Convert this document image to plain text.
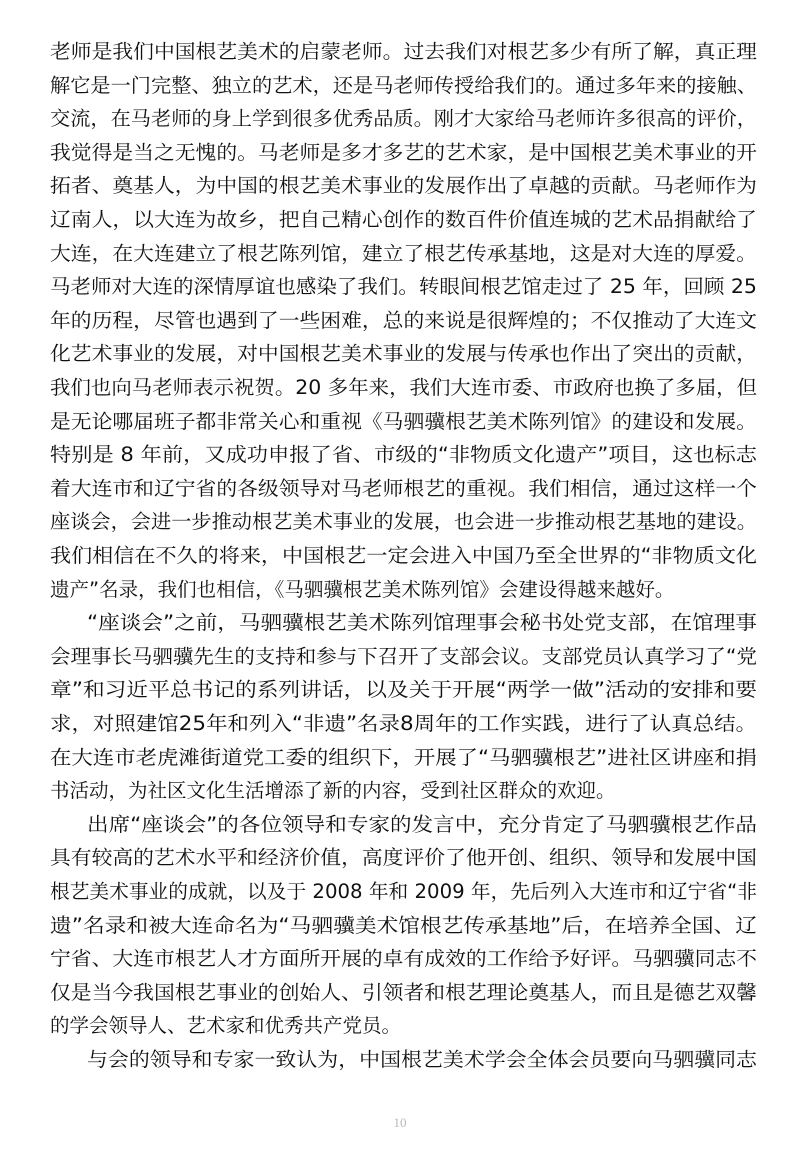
老师是我们中国根艺美术的启蒙老师。过去我们对根艺多少有所了解，真正理
解它是一门完整、独立的艺术，还是马老师传授给我们的。通过多年来的接触、
交流，在马老师的身上学到很多优秀品质。刚才大家给马老师许多很高的评价，
我觉得是当之无愧的。马老师是多才多艺的艺术家，是中国根艺美术事业的开
拓者、奠基人，为中国的根艺美术事业的发展作出了卓越的贡献。马老师作为
辽南人，以大连为故乡，把自己精心创作的数百件价值连城的艺术品捐献给了
大连，在大连建立了根艺陈列馆，建立了根艺传承基地，这是对大连的厚爱。
马老师对大连的深情厚谊也感染了我们。转眼间根艺馆走过了 25 年，回顾 25
年的历程，尽管也遇到了一些困难，总的来说是很辉煌的；不仅推动了大连文
化艺术事业的发展，对中国根艺美术事业的发展与传承也作出了突出的贡献，
我们也向马老师表示祝贺。20 多年来，我们大连市委、市政府也换了多届，但
是无论哪届班子都非常关心和重视《马驷骥根艺美术陈列馆》的建设和发展。
特别是 8 年前，又成功申报了省、市级的“非物质文化遗产”项目，这也标志
着大连市和辽宁省的各级领导对马老师根艺的重视。我们相信，通过这样一个
座谈会，会进一步推动根艺美术事业的发展，也会进一步推动根艺基地的建设。
我们相信在不久的将来，中国根艺一定会进入中国乃至全世界的“非物质文化
遗产”名录，我们也相信，《马驷骥根艺美术陈列馆》会建设得越来越好。
“座谈会”之前，马驷骥根艺美术陈列馆理事会秘书处党支部，在馆理事
会理事长马驷骥先生的支持和参与下召开了支部会议。支部党员认真学习了“党
章”和习近平总书记的系列讲话，以及关于开展“两学一做”活动的安排和要
求，对照建馆25年和列入“非遗”名录8周年的工作实践，进行了认真总结。
在大连市老虎滩街道党工委的组织下，开展了“马驷骥根艺”进社区讲座和捐
书活动，为社区文化生活增添了新的内容，受到社区群众的欢迎。
出席“座谈会”的各位领导和专家的发言中，充分肯定了马驷骥根艺作品
具有较高的艺术水平和经济价值，高度评价了他开创、组织、领导和发展中国
根艺美术事业的成就，以及于 2008 年和 2009 年，先后列入大连市和辽宁省“非
遗”名录和被大连命名为“马驷骥美术馆根艺传承基地”后，在培养全国、辽
宁省、大连市根艺人才方面所开展的卓有成效的工作给予好评。马驷骥同志不
仅是当今我国根艺事业的创始人、引领者和根艺理论奠基人，而且是德艺双馨
的学会领导人、艺术家和优秀共产党员。
与会的领导和专家一致认为，中国根艺美术学会全体会员要向马驷骥同志
10
